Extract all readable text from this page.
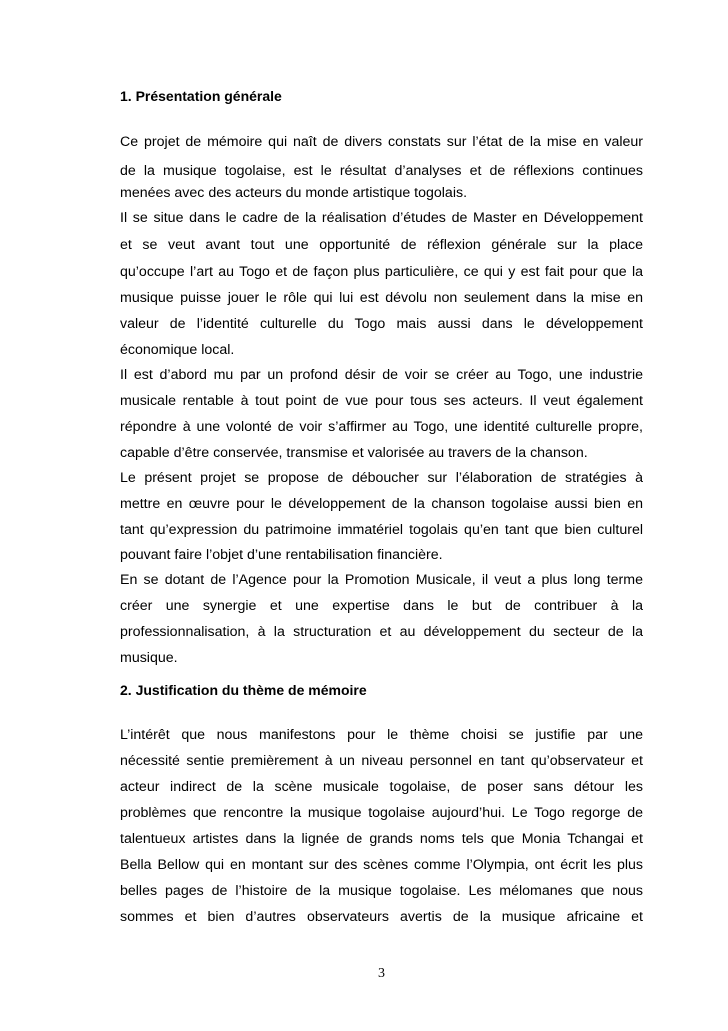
1. Présentation générale
Ce projet de mémoire qui naît de divers constats sur l’état de la mise en valeur
de la musique togolaise, est le résultat d’analyses et de réflexions continues
menées avec des acteurs du monde artistique togolais.
Il se situe dans le cadre de la réalisation d’études de Master en Développement
et se veut avant tout une opportunité de réflexion générale sur la place
qu’occupe l’art au Togo et de façon plus particulière, ce qui y est fait pour que la
musique puisse jouer le rôle qui lui est dévolu non seulement dans la mise en
valeur de l’identité culturelle du Togo mais aussi dans le développement
économique local.
Il est d’abord mu par un profond désir de voir se créer au Togo, une industrie
musicale rentable à tout point de vue pour tous ses acteurs. Il veut également
répondre à une volonté de voir s’affirmer au Togo, une identité culturelle propre,
capable d’être conservée, transmise et valorisée au travers de la chanson.
Le présent projet se propose de déboucher sur l’élaboration de stratégies à
mettre en œuvre pour le développement de la chanson togolaise aussi bien en
tant qu’expression du patrimoine immatériel togolais qu’en tant que bien culturel
pouvant faire l’objet d’une rentabilisation financière.
En se dotant de l’Agence pour la Promotion Musicale, il veut a plus long terme
créer une synergie et une expertise dans le but de contribuer à la
professionnalisation, à la structuration et au développement du secteur de la
musique.
2. Justification du thème de mémoire
L’intérêt que nous manifestons pour le thème choisi se justifie par une
nécessité sentie premièrement à un niveau personnel en tant qu’observateur et
acteur indirect de la scène musicale togolaise, de poser sans détour les
problèmes que rencontre la musique togolaise aujourd’hui. Le Togo regorge de
talentueux artistes dans la lignée de grands noms tels que Monia Tchangai et
Bella Bellow qui en montant sur des scènes comme l’Olympia, ont écrit les plus
belles pages de l’histoire de la musique togolaise. Les mélomanes que nous
sommes et bien d’autres observateurs avertis de la musique africaine et
3
